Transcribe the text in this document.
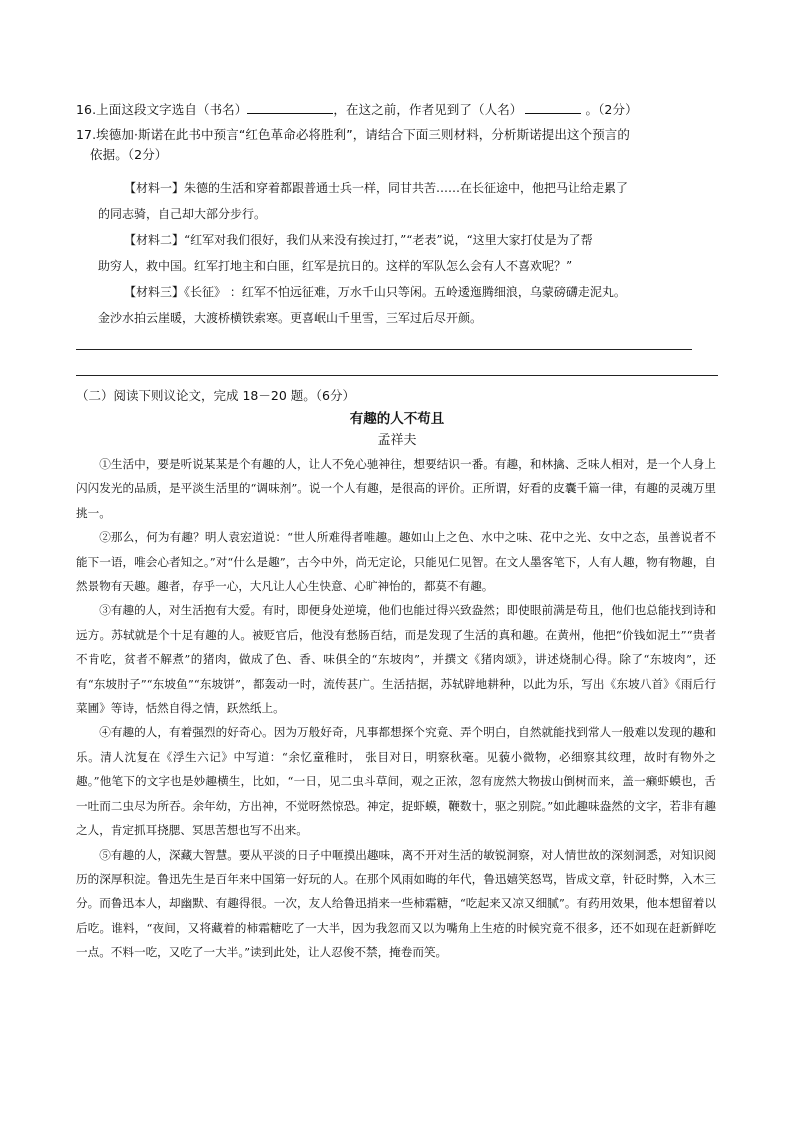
16.上面这段文字选自（书名）	，在这之前，作者见到了（人名）	。（2分）
17.埃德加·斯诺在此书中预言“红色革命必将胜利”，请结合下面三则材料，分析斯诺提出这个预言的
依据。（2分）

【材料一】朱德的生活和穿着都跟普通士兵一样，同甘共苦……在长征途中，他把马让给走累了

的同志骑，自己却大部分步行。

【材料二】“红军对我们很好，我们从来没有挨过打，”“老表”说，“这里大家打仗是为了帮

助穷人，救中国。红军打地主和白匪，红军是抗日的。这样的军队怎么会有人不喜欢呢？”

【材料三】《长征》 ：红军不怕远征难，万水千山只等闲。五岭逶迤腾细浪，乌蒙磅礴走泥丸。

金沙水拍云崖暖，大渡桥横铁索寒。更喜岷山千里雪，三军过后尽开颜。

（二）阅读下则议论文，完成 18－20 题。（6分）
有趣的人不苟且
孟祥夫

①生活中，要是听说某某是个有趣的人，让人不免心驰神往，想要结识一番。有趣，和林擒、乏味人相对，是一个人身上闪闪发光的品质，是平淡生活里的“调味剂”。说一个人有趣，是很高的评价。正所谓，好看的皮囊千篇一律，有趣的灵魂万里挑一。

②那么，何为有趣？明人袁宏道说：“世人所难得者唯趣。趣如山上之色、水中之味、花中之光、女中之态，虽善说者不能下一语，唯会心者知之。”对“什么是趣”，古今中外，尚无定论，只能见仁见智。在文人墨客笔下，人有人趣，物有物趣，自然景物有天趣。趣者，存乎一心，大凡让人心生快意、心旷神怡的，都莫不有趣。

③有趣的人，对生活抱有大爱。有时，即便身处逆境，他们也能过得兴致盎然；即使眼前满是苟且，他们也总能找到诗和远方。苏轼就是个十足有趣的人。被贬官后，他没有愁肠百结，而是发现了生活的真和趣。在黄州，他把“价钱如泥土”“贵者不肯吃，贫者不解煮”的猪肉，做成了色、香、味俱全的“东坡肉”，并撰文《猪肉颂》，讲述烧制心得。除了“东坡肉”，还有“东坡肘子”“东坡鱼”“东坡饼”，都轰动一时，流传甚广。生活拮据，苏轼辟地耕种，以此为乐，写出《东坡八首》《雨后行菜圃》等诗，恬然自得之情，跃然纸上。

④有趣的人，有着强烈的好奇心。因为万般好奇，凡事都想探个究竟、弄个明白，自然就能找到常人一般难以发现的趣和乐。清人沈复在《浮生六记》中写道：“余忆童稚时， 张目对日，明察秋毫。见藐小微物，必细察其纹理，故时有物外之趣。”他笔下的文字也是妙趣横生，比如，“一日，见二虫斗草间，观之正浓，忽有庞然大物拔山倒树而来，盖一癞虾蟆也，舌一吐而二虫尽为所吞。余年幼，方出神，不觉呀然惊恐。神定，捉虾蟆，鞭数十，驱之别院。”如此趣味盎然的文字，若非有趣之人，肯定抓耳挠腮、冥思苦想也写不出来。

⑤有趣的人，深藏大智慧。要从平淡的日子中咂摸出趣味，离不开对生活的敏锐洞察，对人情世故的深刻洞悉，对知识阅历的深厚积淀。鲁迅先生是百年来中国第一好玩的人。在那个风雨如晦的年代，鲁迅嬉笑怒骂，皆成文章，针砭时弊，入木三分。而鲁迅本人，却幽默、有趣得很。一次，友人给鲁迅捎来一些柿霜糖，“吃起来又凉又细腻”。有药用效果，他本想留着以后吃。谁料，“夜间，又将藏着的柿霜糖吃了一大半，因为我忽而又以为嘴角上生疮的时候究竟不很多，还不如现在赶新鲜吃一点。不料一吃，又吃了一大半。”读到此处，让人忍俊不禁，掩卷而笑。
